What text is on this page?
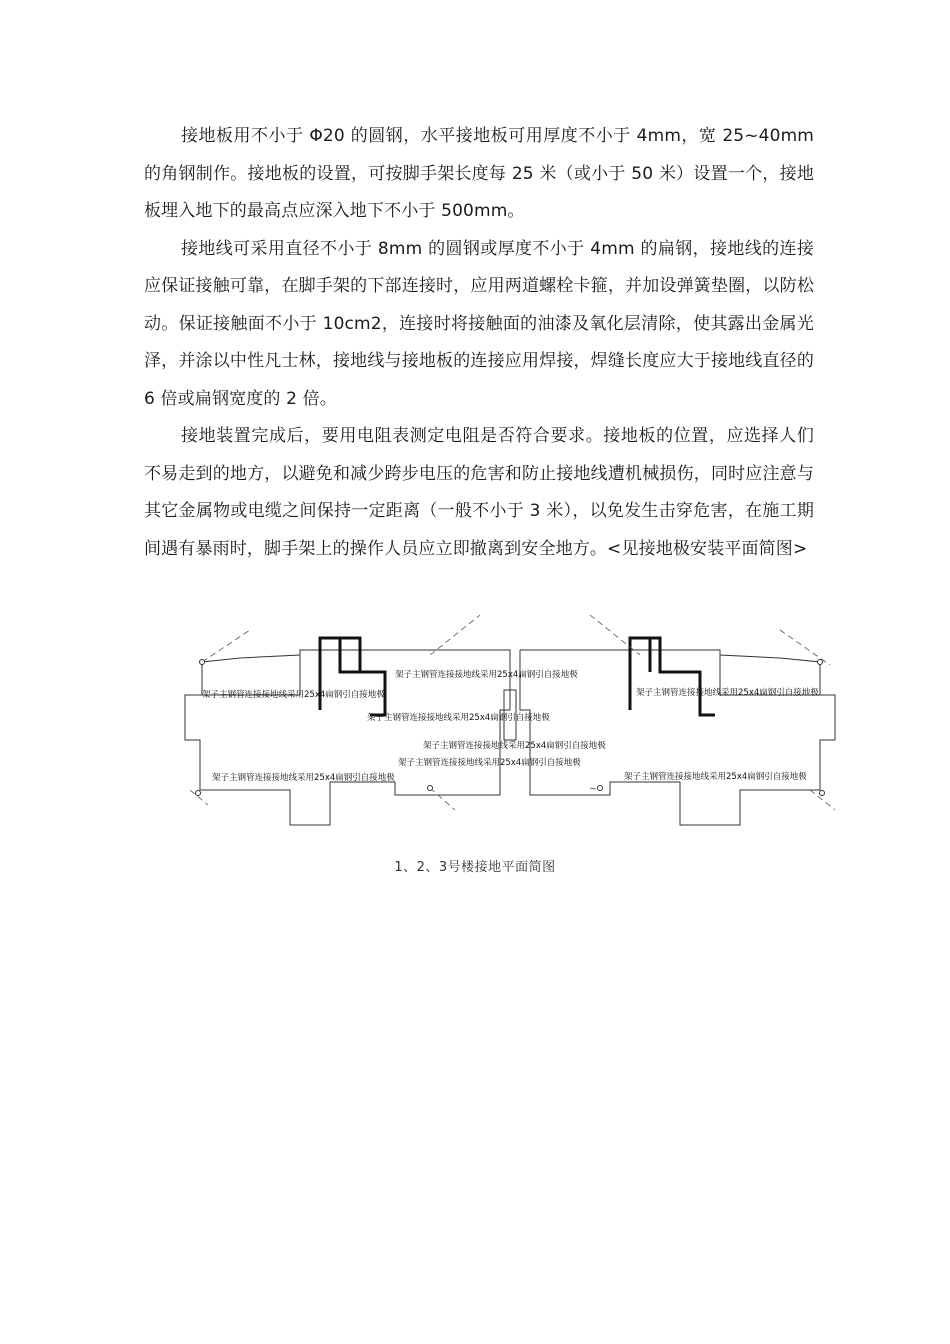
接地板用不小于 Φ20 的圆钢，水平接地板可用厚度不小于 4mm，宽 25~40mm 的角钢制作。接地板的设置，可按脚手架长度每 25 米（或小于 50 米）设置一个，接地板埋入地下的最高点应深入地下不小于 500mm。

接地线可采用直径不小于 8mm 的圆钢或厚度不小于 4mm 的扁钢，接地线的连接应保证接触可靠，在脚手架的下部连接时，应用两道螺栓卡箍，并加设弹簧垫圈，以防松动。保证接触面不小于 10cm2，连接时将接触面的油漆及氧化层清除，使其露出金属光泽，并涂以中性凡士林，接地线与接地板的连接应用焊接，焊缝长度应大于接地线直径的 6 倍或扁钢宽度的 2 倍。

接地装置完成后，要用电阻表测定电阻是否符合要求。接地板的位置，应选择人们不易走到的地方，以避免和减少跨步电压的危害和防止接地线遭机械损伤，同时应注意与其它金属物或电缆之间保持一定距离（一般不小于 3 米），以免发生击穿危害，在施工期间遇有暴雨时，脚手架上的操作人员应立即撤离到安全地方。<见接地极安装平面简图>

架子主钢管连接接地线采用25x4扁钢引自接地极
架子主钢管连接接地线采用25x4扁钢引自接地极
架子主钢管连接接地线采用25x4扁钢引自接地极
架子主钢管连接接地线采用25x4扁钢引自接地极
架子主钢管连接接地线采用25x4扁钢引自接地极
架子主钢管连接接地线采用25x4扁钢引自接地极
架子主钢管连接接地线采用25x4扁钢引自接地极
架子主钢管连接接地线采用25x4扁钢引自接地极
1、2、3号楼接地平面简图
